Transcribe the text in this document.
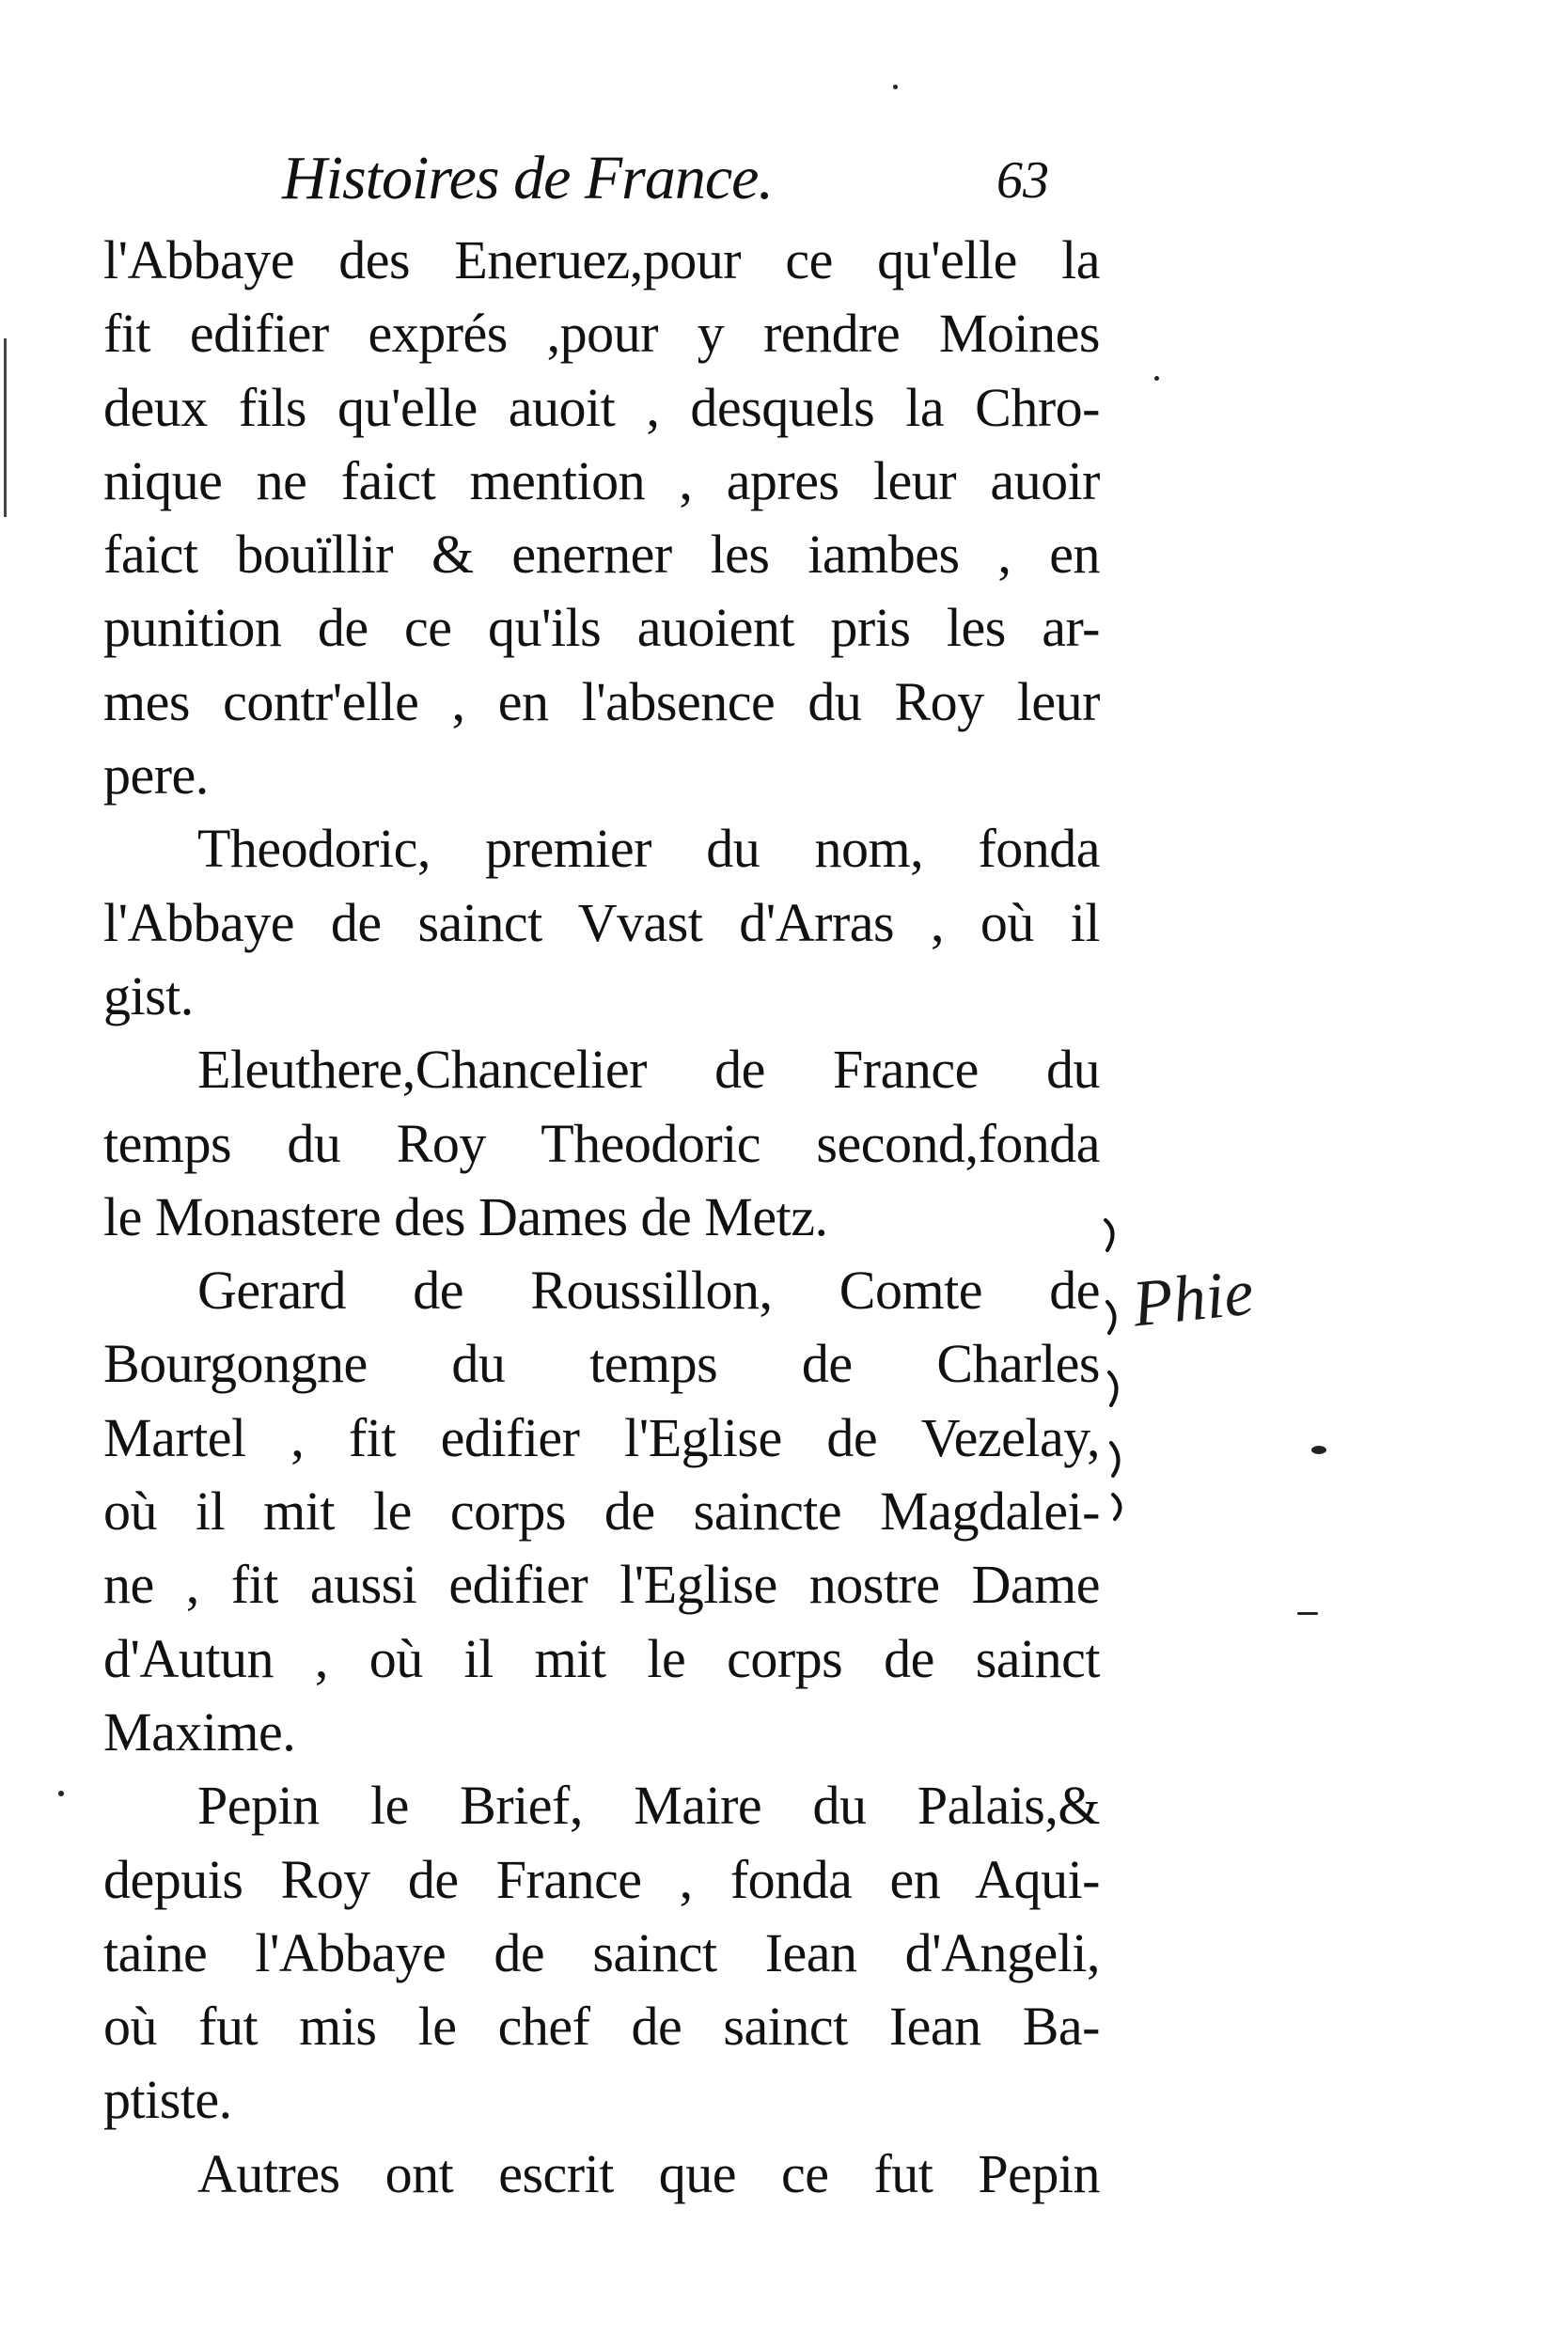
Histoires de France.	63
l'Abbaye des Eneruez,pour ce qu'elle la
fit edifier exprés ,pour y rendre Moines
deux fils qu'elle auoit , desquels la Chro-
nique ne faict mention , apres leur auoir
faict bouïllir & enerner les iambes , en
punition de ce qu'ils auoient pris les ar-
mes contr'elle , en l'absence du Roy leur
pere.
Theodoric, premier du nom, fonda
l'Abbaye de sainct Vvast d'Arras , où il
gist.
Eleuthere,Chancelier de France du
temps du Roy Theodoric second,fonda
le Monastere des Dames de Metz.
Gerard de Roussillon, Comte de
Bourgongne du temps de Charles
Martel , fit edifier l'Eglise de Vezelay,
où il mit le corps de saincte Magdalei-
ne , fit aussi edifier l'Eglise nostre Dame
d'Autun , où il mit le corps de sainct
Maxime.
Pepin le Brief, Maire du Palais,&
depuis Roy de France , fonda en Aqui-
taine l'Abbaye de sainct Iean d'Angeli,
où fut mis le chef de sainct Iean Ba-
ptiste.
Autres ont escrit que ce fut Pepin
Phie
